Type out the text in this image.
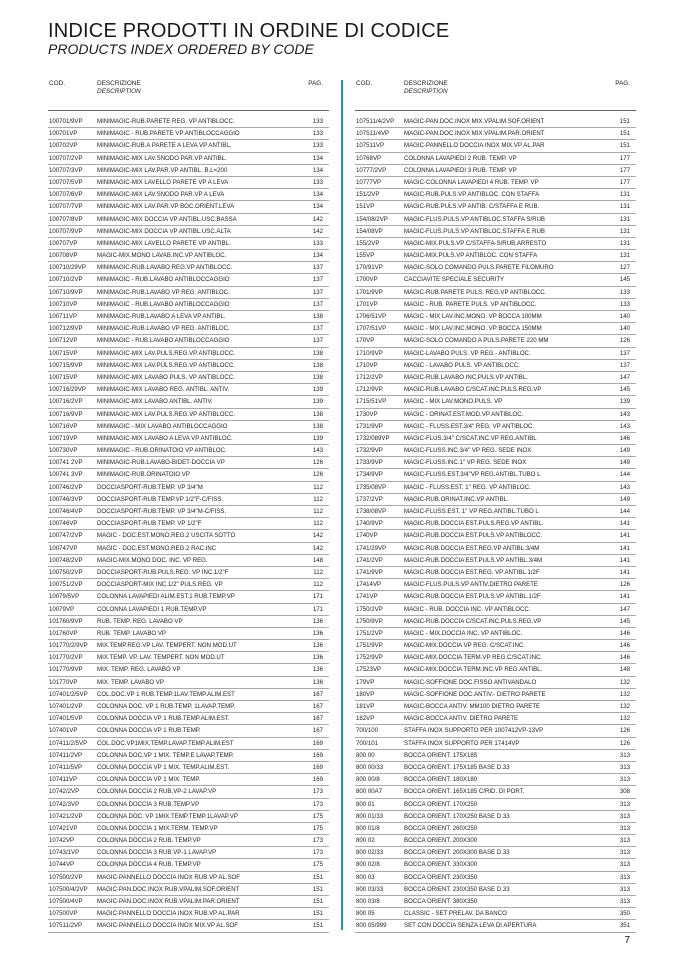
INDICE PRODOTTI IN ORDINE DI CODICE
PRODUCTS INDEX ORDERED BY CODE
COD.	DESCRIZIONE
DESCRIPTION
PAG.
100701/9VP MINIMAGIC-RUB.PARETE REG. VP ANTIBLOCC.	133
100701VP	MINIMAGIC - RUB.PARETE VP ANTIBLOCCAGGIO	133
100702VP	MINIMAGIC-RUB.A PARETE A LEVA VP ANTIBL.	133
100707/2VP MINIMAGIC-MIX LAV.SNODO PAR.VP ANTIBL.	134
100707/3VP MINIMAGIC-MIX LAV.PAR.VP ANTIBL. B.L=200	134
100707/5VP MINIMAGIC-MIX LAVELLO PARETE VP A LEVA	133
100707/6VP MINIMAGIC-MIX LAV.SNODO PAR.VP A LEVA	134
100707/7VP MINIMAGIC-MIX LAV.PAR.VP BOC.ORIENT.LEVA	134
100707/8VP MINIMAGIC-MIX DOCCIA VP ANTIBL.USC.BASSA	142
100707/9VP MINIMAGIC-MIX DOCCIA VP ANTIBL.USC.ALTA	142
100707VP	MINIMAGIC-MIX LAVELLO PARETE VP ANTIBL.	133
100708VP	MAGIC-MIX.MONO LAVAB.INC.VP ANTIBLOC.	134
100710/29VP MINIMAGIC-RUB.LAVABO REG.VP ANTIBLOCC.	137
100710/2VP MINIMAGIC - RUB.LAVABO ANTIBLOCCAGGIO	137
100710/9VP MINIMAGIC-RUB.LAVABO VP REG. ANTIBLOC.	137
100710VP	MINIMAGIC - RUB.LAVABO ANTIBLOCCAGGIO	137
100711VP	MINIMAGIC-RUB.LAVABO A LEVA VP ANTIBL.	138
100712/9VP MINIMAGIC-RUB.LAVABO VP REG. ANTIBLOC.	137
100712VP	MINIMAGIC - RUB.LAVABO ANTIBLOCCAGGIO	137
100715VP	MINIMAGIC-MIX LAV.PULS.REG.VP ANTIBLOCC.	138
100715/9VP MINIMAGIC-MIX LAV.PULS.REG.VP ANTIBLOCC.	138
100715VP	MINIMAGIC-MIX LAVABO PULS. VP ANTIBLOCC.	138
100716/29VP MINIMAGIC-MIX LAVABO REG. ANTIBL. ANTIV.	139
100716/2VP MINIMAGIC-MIX LAVABO ANTIBL. ANTIV.	139
100716/9VP MINIMAGIC-MIX LAV.PULS.REG.VP ANTIBLOCC.	138
100716VP	MINIMAGIC - MIX LAVABO ANTIBLOCCAGGIO	138
100719VP	MINIMAGIC-MIX LAVABO A LEVA VP ANTIBLOC.	139
100730VP	MINIMAGIC - RUB.ORINATOIO VP ANTIBLOC.	143
100741 2VP MINIMAGIC-RUB.LAVABO-BIDET-DOCCIA VP	126
100741 3VP MINIMAGIC-RUB.ORINATOIO VP	126
100746/2VP DOCCIASPORT-RUB.TEMP. VP 3/4"M	112
100746/3VP DOCCIASPORT-RUB.TEMP.VP 1/2"F-C/FISS.	112
100746/4VP DOCCIASPORT-RUB.TEMP. VP 3/4"M-C/FISS.	112
100746VP	DOCCIASPORT-RUB.TEMP. VP 1/2"F	112
100747/2VP MAGIC - DOC.EST.MONO.REG.2 USCITA SOTTO	142
100747VP	MAGIC - DOC.EST.MONO.REG.2 RAC.INC	142
100748/2VP MAGIC-MIX.MONO DOC. INC. VP REG.	148
100750/2VP DOCCIASPORT-RUB.PULS.REG. VP INC.1/2"F	112
100751/2VP DOCCIASPORT-MIX INC.1/2" PULS.REG. VP	112
10079/5VP	COLONNA LAVAPIEDI ALIM.EST.1 RUB.TEMP.VP	171
10079VP	COLONNA LAVAPIEDI 1 RUB.TEMP.VP	171
101760/9VP RUB. TEMP. REG. LAVABO VP	136
101760VP	RUB. TEMP. LAVABO VP	136
101770/2/9VP MIX.TEMP.REG.VP LAV. TEMPERT. NON MOD.UT	136
101770/2VP MIX.TEMP. VP. LAV. TEMPERT. NON MOD.UT	136
101770/9VP MIX. TEMP. REG. LAVABO VP	136
101770VP	MIX. TEMP. LAVABO VP	136
107401/2/5VP COL.DOC.VP 1 RUB.TEMP.1LAV.TEMP.ALIM.EST	167
107401/2VP COLONNA DOC. VP 1 RUB.TEMP. 1LAVAP.TEMP.	167
107401/5VP COLONNA DOCCIA VP 1 RUB.TEMP.ALIM.EST.	167
107401VP	COLONNA DOCCIA VP 1 RUB.TEMP.	167
107411/2/5VP COL.DOC.VP1MIX.TEMP.LAVAP.TEMP.ALIM.EST	169
107411/2VP COLONNA DOC.VP 1 MIX. TEMP.E LAVAP.TEMP.	169
107411/5VP COLONNA DOCCIA VP 1 MIX. TEMP.ALIM.EST.	169
107411VP	COLONNA DOCCIA VP 1 MIX. TEMP.	169
10742/2VP	COLONNA DOCCIA 2 RUB.VP-2 LAVAP.VP	173
10742/3VP	COLONNA DOCCIA 3 RUB.TEMP.VP	173
107421/2VP COLONNA DOC. VP 1MIX.TEMP.TEMP.1LAVAP.VP	175
107421VP	COLONNA DOCCIA 1 MIX.TERM. TEMP.VP	175
10742VP	COLONNA DOCCIA 2 RUB. TEMP.VP	173
10743/1VP	COLONNA DOCCIA 3 RUB.VP-1 LAVAP.VP	173
10744VP	COLONNA DOCCIA 4 RUB. TEMP.VP	175
107500/2VP MAGIC-PANNELLO DOCCIA INOX RUB.VP AL.SOF	151
107500/4/2VP MAGIC-PAN.DOC.INOX RUB.VPALIM.SOF.ORIENT	151
107500/4VP MAGIC-PAN.DOC.INOX RUB.VPALIM.PAR.ORIENT	151
107500VP	MAGIC-PANNELLO DOCCIA INOX RUB.VP AL.PAR	151
107511/2VP MAGIC-PANNELLO DOCCIA INOX MIX.VP AL.SOF	151
COD.	DESCRIZIONE
DESCRIPTION
PAG.
107511/4/2VP MAGIC-PAN.DOC.INOX MIX.VPALIM.SOF.ORIENT	151
107511/4VP MAGIC-PAN.DOC.INOX MIX.VPALIM.PAR.ORIENT	151
107511VP	MAGIC-PANNELLO DOCCIA INOX MIX.VP AL.PAR	151
10768VP	COLONNA LAVAPIEDI 2 RUB. TEMP. VP	177
10777/2VP	COLONNA LAVAPIEDI 3 RUB. TEMP. VP	177
10777VP	MAGIC-COLONNA LAVAPIEDI 4 RUB. TEMP. VP	177
151/2VP	MAGIC-RUB.PULS.VP ANTIBLOC. CON STAFFA	131
151VP	MAGIC-RUB.PULS.VP ANTIB. C/STAFFA E RUB.	131
154/08/2VP	MAGIC-FLUS.PULS.VP ANTIBLOC.STAFFA S/RUB	131
154/08VP	MAGIC-FLUS.PULS.VP ANTIBLOC.STAFFA E RUB	131
155/2VP	MAGIC-MIX.PULS.VP C/STAFFA-S/RUB.ARRESTO	131
155VP	MAGIC-MIX.PULS.VP ANTIBLOC. CON STAFFA	131
170/91VP	MAGIC-SOLO COMANDO PULS.PARETE FILOMURO	127
1700VP	CACCIAVITE SPECIALE SECURITY	145
1701/9VP	MAGIC-RUB.PARETE PULS. REG.VP ANTIBLOCC.	133
1701VP	MAGIC - RUB. PARETE PULS. VP ANTIBLOCC.	133
1706/51VP	MAGIC - MIX LAV.INC.MONO. VP BOCCA 100MM	140
1707/51VP	MAGIC - MIX LAV.INC.MONO. VP BOCCA 150MM	140
170VP	MAGIC-SOLO COMANDO A PULS.PARETE 220 MM	126
1710/9VP	MAGIC-LAVABO PULS. VP REG.- ANTIBLOC.	137
1710VP	MAGIC - LAVABO PULS. VP ANTIBLOCC.	137
1712/2VP	MAGIC-RUB.LAVABO INC.PULS.VP ANTIBL.	147
1712/9VP	MAGIC-RUB.LAVABO C/SCAT.INC.PULS.REG.VP	145
1715/51VP	MAGIC - MIX LAV.MONO.PULS. VP	139
1730VP	MAGIC - ORINAT.EST.MOD.VP ANTIBLOC.	143
1731/9VP	MAGIC - FLUSS.EST.3/4" REG. VP ANTIBLOC.	143
1732/089VP MAGIC-FLUS.3/4" C/SCAT.INC.VP REG.ANTIBL	146
1732/9VP	MAGIC-FLUSS.INC.3/4" VP REG. SEDE INOX	149
1733/9VP	MAGIC-FLUSS.INC.1" VP REG. SEDE INOX	149
1734/9VP	MAGIC-FLUSS.EST.3/4"VP REG.ANTIBL.TUBO L	144
1735/08VP	MAGIC - FLUSS.EST. 1" REG. VP ANTIBLOC.	143
1737/2VP	MAGIC-RUB.ORINAT.INC.VP ANTIBL.	149
1738/08VP	MAGIC-FLUSS.EST. 1" VP REG.ANTIBL.TUBO L	144
1740/9VP	MAGIC-RUB.DOCCIA EST.PULS.REG.VP ANTIBL.	141
1740VP	MAGIC-RUB.DOCCIA EST.PULS.VP ANTIBLOCC.	141
1741/29VP	MAGIC-RUB.DOCCIA EST.REG.VP ANTIBL.3/4M	141
1741/2VP	MAGIC-RUB.DOCCIA EST.PULS.VP ANTIBL.3/4M	141
1741/9VP	MAGIC-RUB.DOCCIA EST.REG. VP ANTIBL.1/2F	141
17414VP	MAGIC-FLUS.PULS.VP ANTIV.DIETRO PARETE	126
1741VP	MAGIC-RUB.DOCCIA EST.PULS.VP ANTIBL.1/2F	141
1750/2VP	MAGIC - RUB. DOCCIA INC. VP ANTIBLOCC.	147
1750/9VP	MAGIC-RUB.DOCCIA C/SCAT.INC.PULS.REG.VP	145
1751/2VP	MAGIC - MIX.DOCCIA INC. VP ANTIBLOC.	146
1751/9VP	MAGIC-MIX.DOCCIA VP REG. C/SCAT.INC.	146
1752/9VP	MAGIC-MIX.DOCCIA TERM.VP REG.C/SCAT.INC.	146
17523VP	MAGIC-MIX.DOCCIA TERM.INC.VP REG.ANTIBL.	148
179VP	MAGIC-SOFFIONE DOC.FISSO ANTIVANDALO	132
180VP	MAGIC-SOFFIONE DOC.ANTIV.- DIETRO PARETE	132
181VP	MAGIC-BOCCA ANTIV. MM100 DIETRO PARETE	132
182VP	MAGIC-BOCCA ANTIV. DIETRO PARETE	132
700/100	STAFFA INOX SUPPORTO PER 1007412VP-13VP	126
700/101	STAFFA INOX SUPPORTO PER 17414VP	126
800 00	BOCCA ORIENT. 175X185	313
800 00/33	BOCCA ORIENT. 175X185 BASE D.33	313
800 00/8	BOCCA ORIENT. 180X180	313
800 00A7	BOCCA ORIENT. 165X185 C/RID. DI PORT.	308
800 01	BOCCA ORIENT. 170X250	313
800 01/33	BOCCA ORIENT. 170X250 BASE D.33	313
800 01/8	BOCCA ORIENT. 260X250	313
800 02	BOCCA ORIENT. 200X300	313
800 02/33	BOCCA ORIENT. 200X300 BASE D.33	313
800 02/8	BOCCA ORIENT. 330X300	313
800 03	BOCCA ORIENT. 230X350	313
800 03/33	BOCCA ORIENT. 230X350 BASE D.33	313
800 03/8	BOCCA ORIENT. 380X350	313
800 05	CLASSIC - SET PRELAV. DA BANCO	350
800 05/999	SET CON DOCCIA SENZA LEVA DI APERTURA	351
7
